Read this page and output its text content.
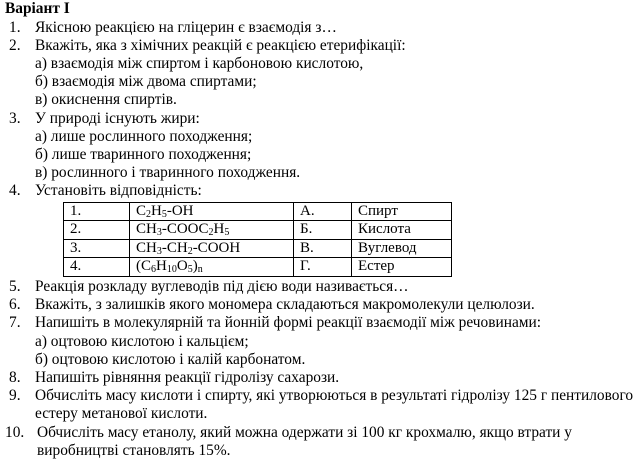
Варіант І
1. Якісною реакцією на гліцерин є взаємодія з…
2. Вкажіть, яка з хімічних реакцій є реакцією етерифікації:
а) взаємодія між спиртом і карбоновою кислотою,
б) взаємодія між двома спиртами;
в) окиснення спиртів.
3. У природі існують жири:
а) лише рослинного походження;
б) лише тваринного походження;
в) рослинного і тваринного походження.
4. Установіть відповідність:
1.	$C_2H_5-OH$	А.	Спирт
2.	$CH_3-COOC_2H_5$	Б.	Кислота
3.	$CH_3-CH_2$-COOH	В.	Вуглевод
4.	$(C_6H_{10}O_5)_n$	Г.	Естер
5. Реакція розкладу вуглеводів під дією води називається…
6. Вкажіть, з залишків якого мономера складаються макромолекули целюлози.
7. Напишіть в молекулярній та йонній формі реакції взаємодії між речовинами:
а) оцтовою кислотою і кальцієм;
б) оцтовою кислотою і калій карбонатом.
8. Напишіть рівняння реакції гідролізу сахарози.
9. Обчисліть масу кислоти і спирту, які утворюються в результаті гідролізу 125 г пентилового естеру метанової кислоти.
10. Обчисліть масу етанолу, який можна одержати зі 100 кг крохмалю, якщо втрати у виробництві становлять 15%.
